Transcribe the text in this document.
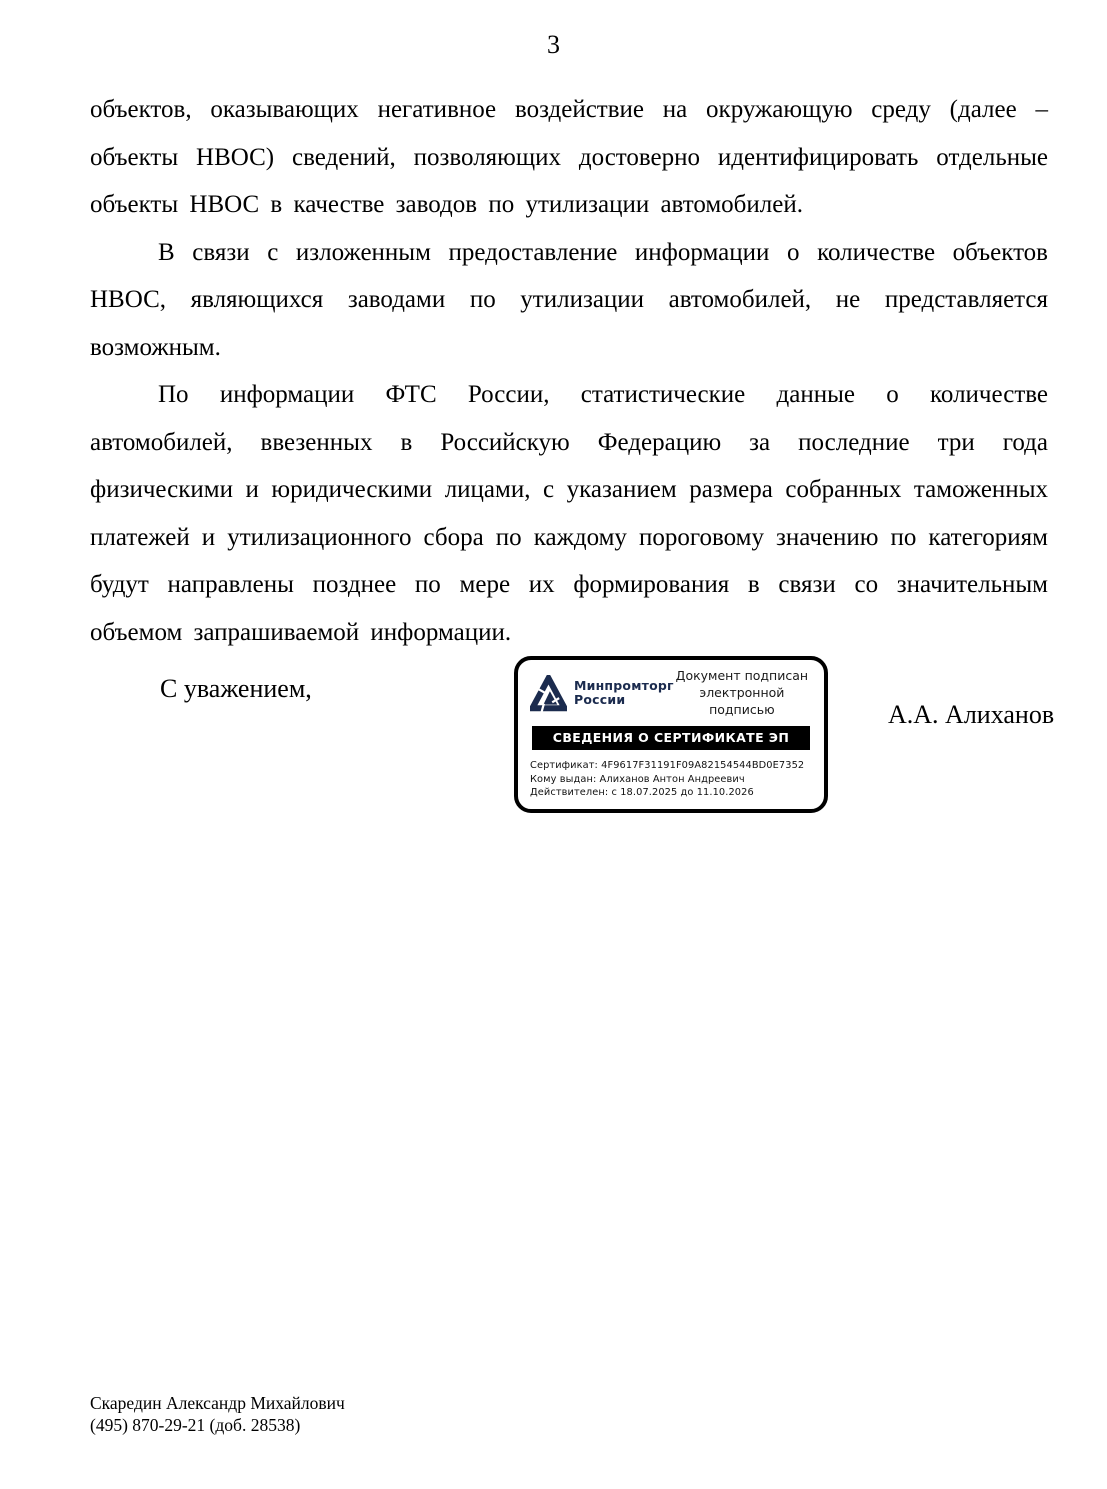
3

объектов, оказывающих негативное воздействие на окружающую среду (далее – объекты НВОС) сведений, позволяющих достоверно идентифицировать отдельные объекты НВОС в качестве заводов по утилизации автомобилей.

В связи с изложенным предоставление информации о количестве объектов НВОС, являющихся заводами по утилизации автомобилей, не представляется возможным.

По информации ФТС России, статистические данные о количестве автомобилей, ввезенных в Российскую Федерацию за последние три года физическими и юридическими лицами, с указанием размера собранных таможенных платежей и утилизационного сбора по каждому пороговому значению по категориям будут направлены позднее по мере их формирования в связи со значительным объемом запрашиваемой информации.

С уважением,	Минпромторг
России
Документ подписан
электронной подписью
СВЕДЕНИЯ О СЕРТИФИКАТЕ ЭП
Сертификат: 4F9617F31191F09A82154544BD0E7352
Кому выдан: Алиханов Антон Андреевич
Действителен: с 18.07.2025 до 11.10.2026
А.А. Алиханов
Скаредин Александр Михайлович
(495) 870-29-21 (доб. 28538)
